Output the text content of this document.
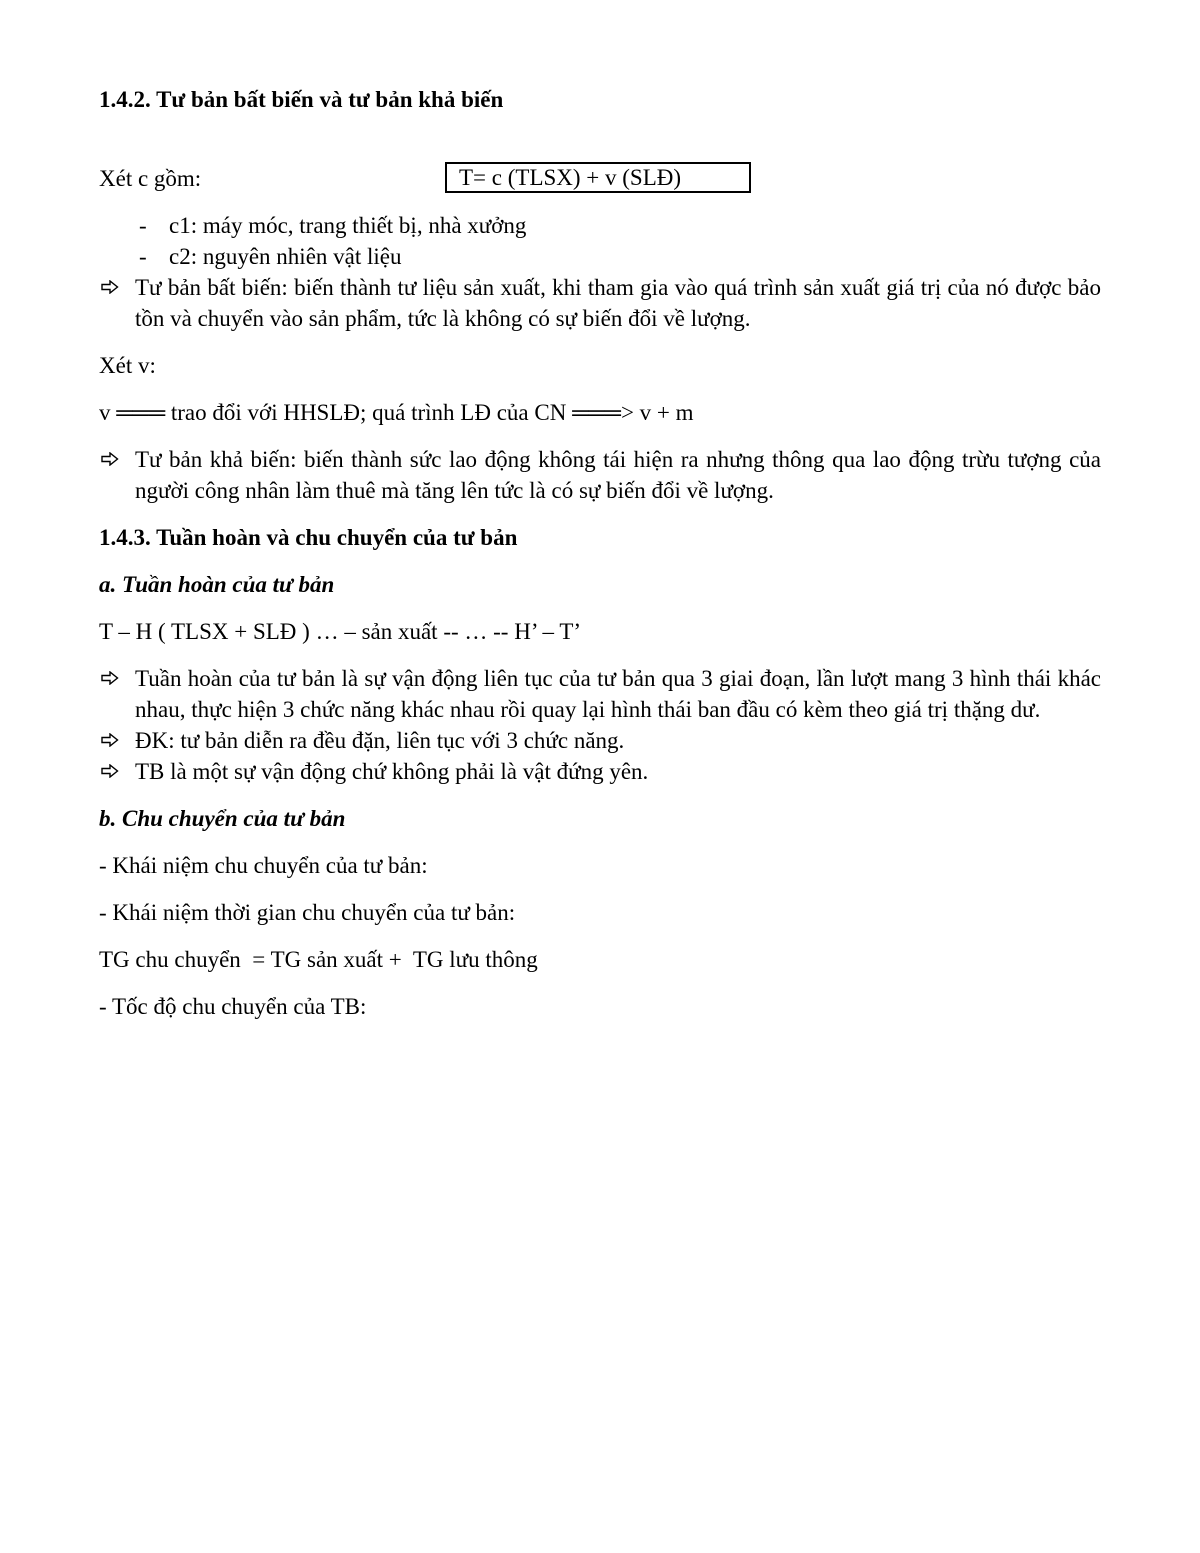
1.4.2. Tư bản bất biến và tư bản khả biến

T= c (TLSX) + v (SLĐ)

Xét c gồm:

- c1: máy móc, trang thiết bị, nhà xưởng
- c2: nguyên nhiên vật liệu
Tư bản bất biến: biến thành tư liệu sản xuất, khi tham gia vào quá trình sản xuất giá trị của nó được bảo tồn và chuyển vào sản phẩm, tức là không có sự biến đổi về lượng.

Xét v:

v ═══ trao đổi với HHSLĐ; quá trình LĐ của CN ═══> v + m

Tư bản khả biến: biến thành sức lao động không tái hiện ra nhưng thông qua lao động trừu tượng của người công nhân làm thuê mà tăng lên tức là có sự biến đổi về lượng.

1.4.3. Tuần hoàn và chu chuyển của tư bản

a. Tuần hoàn của tư bản

T – H ( TLSX + SLĐ ) … – sản xuất -- … -- H’ – T’

Tuần hoàn của tư bản là sự vận động liên tục của tư bản qua 3 giai đoạn, lần lượt mang 3 hình thái khác nhau, thực hiện 3 chức năng khác nhau rồi quay lại hình thái ban đầu có kèm theo giá trị thặng dư.
ĐK: tư bản diễn ra đều đặn, liên tục với 3 chức năng.
TB là một sự vận động chứ không phải là vật đứng yên.

b. Chu chuyển của tư bản

- Khái niệm chu chuyển của tư bản:

- Khái niệm thời gian chu chuyển của tư bản:

TG chu chuyển  = TG sản xuất +  TG lưu thông

- Tốc độ chu chuyển của TB:
